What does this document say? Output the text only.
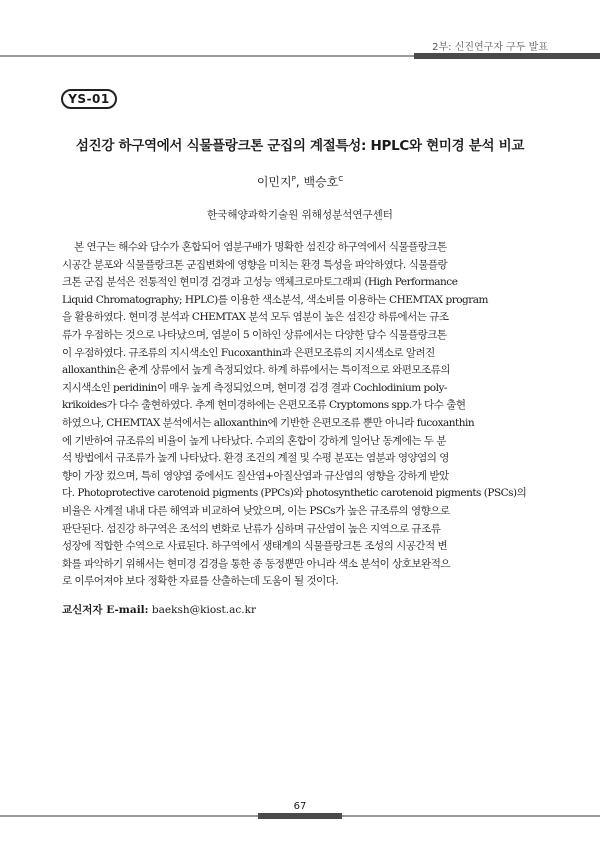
2부: 신진연구자 구두 발표
YS-01
섬진강 하구역에서 식물플랑크톤 군집의 계절특성: HPLC와 현미경 분석 비교
이민지$^P$, 백승호$^C$
한국해양과학기술원 위해성분석연구센터
본 연구는 해수와 담수가 혼합되어 염분구배가 명확한 섬진강 하구역에서 식물플랑크톤
시공간 분포와 식물플랑크톤 군집변화에 영향을 미치는 환경 특성을 파악하였다. 식물플랑
크톤 군집 분석은 전통적인 현미경 검경과 고성능 액체크로마토그래피 (High Performance
Liquid Chromatography; HPLC)를 이용한 색소분석, 색소비를 이용하는 CHEMTAX program
을 활용하였다. 현미경 분석과 CHEMTAX 분석 모두 염분이 높은 섬진강 하류에서는 규조
류가 우점하는 것으로 나타났으며, 염분이 5 이하인 상류에서는 다양한 담수 식물플랑크톤
이 우점하였다. 규조류의 지시색소인 Fucoxanthin과 은편모조류의 지시색소로 알려진
alloxanthin은 춘계 상류에서 높게 측정되었다. 하계 하류에서는 특이적으로 와편모조류의
지시색소인 peridinin이 매우 높게 측정되었으며, 현미경 검경 결과 Cochlodinium poly-
krikoides가 다수 출현하였다. 추계 현미경하에는 은편모조류 Cryptomons spp.가 다수 출현
하였으나, CHEMTAX 분석에서는 alloxanthin에 기반한 은편모조류 뿐만 아니라 fucoxanthin
에 기반하여 규조류의 비율이 높게 나타났다. 수괴의 혼합이 강하게 일어난 동계에는 두 분
석 방법에서 규조류가 높게 나타났다. 환경 조건의 계절 및 수평 분포는 염분과 영양염의 영
향이 가장 컸으며, 특히 영양염 중에서도 질산염+아질산염과 규산염의 영향을 강하게 받았
다. Photoprotective carotenoid pigments (PPCs)와 photosynthetic carotenoid pigments (PSCs)의
비율은 사계절 내내 다른 해역과 비교하여 낮았으며, 이는 PSCs가 높은 규조류의 영향으로
판단된다. 섬진강 하구역은 조석의 변화로 난류가 심하며 규산염이 높은 지역으로 규조류
성장에 적합한 수역으로 사료된다. 하구역에서 생태계의 식물플랑크톤 조성의 시공간적 변
화를 파악하기 위해서는 현미경 검경을 통한 종 동정뿐만 아니라 색소 분석이 상호보완적으
로 이루어져야 보다 정확한 자료를 산출하는데 도움이 될 것이다.
교신저자 E-mail: baeksh@kiost.ac.kr
67
